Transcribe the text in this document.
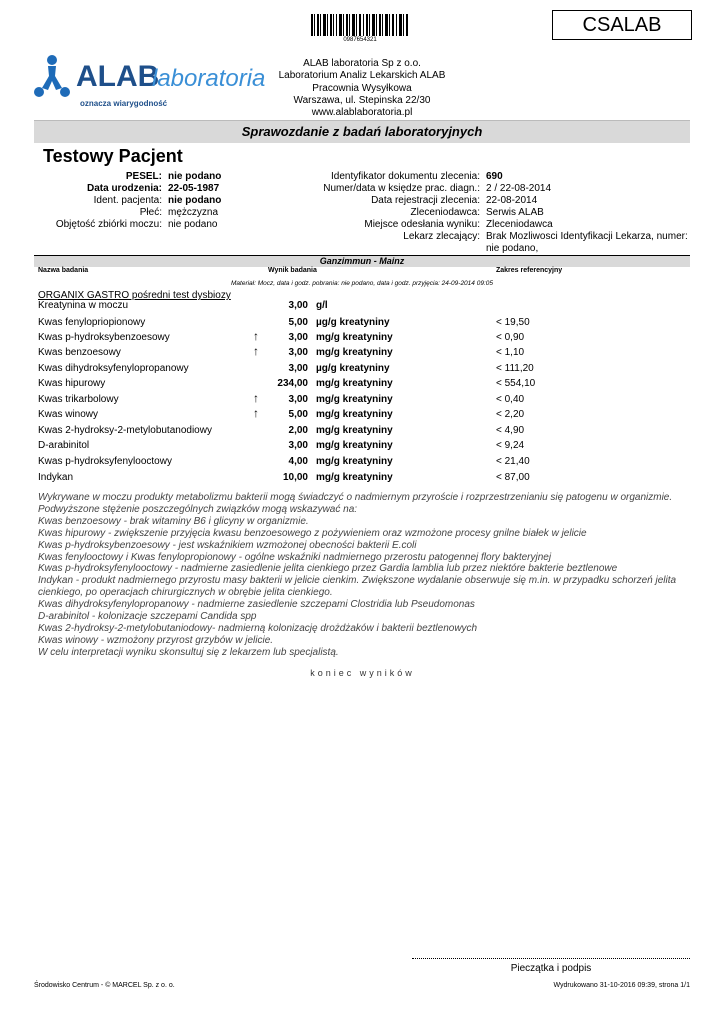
0987654321
CSALAB
ALAB
laboratoria
oznacza wiarygodność
ALAB laboratoria Sp z o.o.
Laboratorium Analiz Lekarskich ALAB
Pracownia Wysyłkowa
Warszawa, ul. Stepinska 22/30
www.alablaboratoria.pl
Sprawozdanie z badań laboratoryjnych
Testowy Pacjent
PESEL: nie podano
Data urodzenia: 22-05-1987
Ident. pacjenta: nie podano
Płeć: mężczyzna
Objętość zbiórki moczu: nie podano
Identyfikator dokumentu zlecenia: 690
Numer/data w księdze prac. diagn.: 2 / 22-08-2014
Data rejestracji zlecenia: 22-08-2014
Zleceniodawca: Serwis ALAB
Miejsce odesłania wyniku: Zleceniodawca
Lekarz zlecający: Brak Mozliwosci Identyfikacji Lekarza, numer:
nie podano,
Ganzimmun - Mainz
Nazwa badania	Wynik badania	Zakres referencyjny
Materiał: Mocz, data i godz. pobrania: nie podano, data i godz. przyjęcia: 24-09-2014 09:05
ORGANIX GASTRO pośredni test dysbiozy
Kreatynina w moczu	3,00 g/l
Kwas fenylopriopionowy	5,00 µg/g kreatyniny	< 19,50
Kwas p-hydroksybenzoesowy	↑	3,00 mg/g kreatyniny	< 0,90
Kwas benzoesowy	↑	3,00 mg/g kreatyniny	< 1,10
Kwas dihydroksyfenylopropanowy	3,00 µg/g kreatyniny	< 111,20
Kwas hipurowy	234,00 mg/g kreatyniny	< 554,10
Kwas trikarbolowy	↑	3,00 mg/g kreatyniny	< 0,40
Kwas winowy	↑	5,00 mg/g kreatyniny	< 2,20
Kwas 2-hydroksy-2-metylobutanodiowy	2,00 mg/g kreatyniny	< 4,90
D-arabinitol	3,00 mg/g kreatyniny	< 9,24
Kwas p-hydroksyfenylooctowy	4,00 mg/g kreatyniny	< 21,40
Indykan	10,00 mg/g kreatyniny	< 87,00
Wykrywane w moczu produkty metabolizmu bakterii mogą świadczyć o nadmiernym przyroście i rozprzestrzenianiu się patogenu w organizmie.
Podwyższone stężenie poszczególnych związków mogą wskazywać na:
Kwas benzoesowy - brak witaminy B6 i glicyny w organizmie.
Kwas hipurowy - zwiększenie przyjęcia kwasu benzoesowego z pożywieniem oraz wzmożone procesy gnilne białek w jelicie
Kwas p-hydroksybenzoesowy - jest wskaźnikiem wzmożonej obecności bakterii E.coli
Kwas fenylooctowy i Kwas fenylopropionowy - ogólne wskaźniki nadmiernego przerostu patogennej flory bakteryjnej
Kwas p-hydroksyfenylooctowy - nadmierne zasiedlenie jelita cienkiego przez Gardia lamblia lub przez niektóre bakterie beztlenowe
Indykan - produkt nadmiernego przyrostu masy bakterii w jelicie cienkim. Zwiększone wydalanie obserwuje się m.in. w przypadku schorzeń jelita
cienkiego, po operacjach chirurgicznych w obrębie jelita cienkiego.
Kwas dihydroksyfenylopropanowy - nadmierne zasiedlenie szczepami Clostridia lub Pseudomonas
D-arabinitol - kolonizacje szczepami Candida spp
Kwas 2-hydroksy-2-metylobutaniodowy- nadmierną kolonizację drożdżaków i bakterii beztlenowych
Kwas winowy - wzmożony przyrost grzybów w jelicie.
W celu interpretacji wyniku skonsultuj się z lekarzem lub specjalistą.
koniec wyników
Pieczątka i podpis
Środowisko Centrum - © MARCEL Sp. z o. o.	Wydrukowano 31-10-2016 09:39, strona 1/1
